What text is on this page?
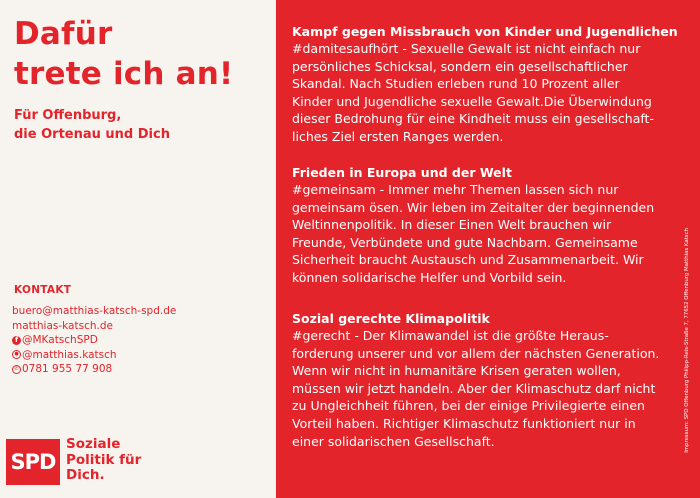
Dafür
trete ich an!

Für Offenburg,
die Ortenau und Dich

KONTAKT
buero@matthias-katsch-spd.de
matthias-katsch.de
f @MKatschSPD
● @matthias.katsch
✆ 0781 955 77 908
SPD

Soziale
Politik für
Dich.

Kampf gegen Missbrauch von Kinder und Jugendlichen

#damitesaufhört - Sexuelle Gewalt ist nicht einfach nur
persönliches Schicksal, sondern ein gesellschaftlicher
Skandal. Nach Studien erleben rund 10 Prozent aller
Kinder und Jugendliche sexuelle Gewalt.Die Überwindung
dieser Bedrohung für eine Kindheit muss ein gesellschaft-
liches Ziel ersten Ranges werden.

Frieden in Europa und der Welt

#gemeinsam - Immer mehr Themen lassen sich nur
gemeinsam ösen. Wir leben im Zeitalter der beginnenden
Weltinnenpolitik. In dieser Einen Welt brauchen wir
Freunde, Verbündete und gute Nachbarn. Gemeinsame
Sicherheit braucht Austausch und Zusammenarbeit. Wir
können solidarische Helfer und Vorbild sein.

Sozial gerechte Klimapolitik

#gerecht - Der Klimawandel ist die größte Heraus-
forderung unserer und vor allem der nächsten Generation.
Wenn wir nicht in humanitäre Krisen geraten wollen,
müssen wir jetzt handeln. Aber der Klimaschutz darf nicht
zu Ungleichheit führen, bei der einige Privilegierte einen
Vorteil haben. Richtiger Klimaschutz funktioniert nur in
einer solidarischen Gesellschaft.	Impressum: SPD Offenburg Philipp-Reis-Straße 7, 77652 Offenburg Matthias Katsch
